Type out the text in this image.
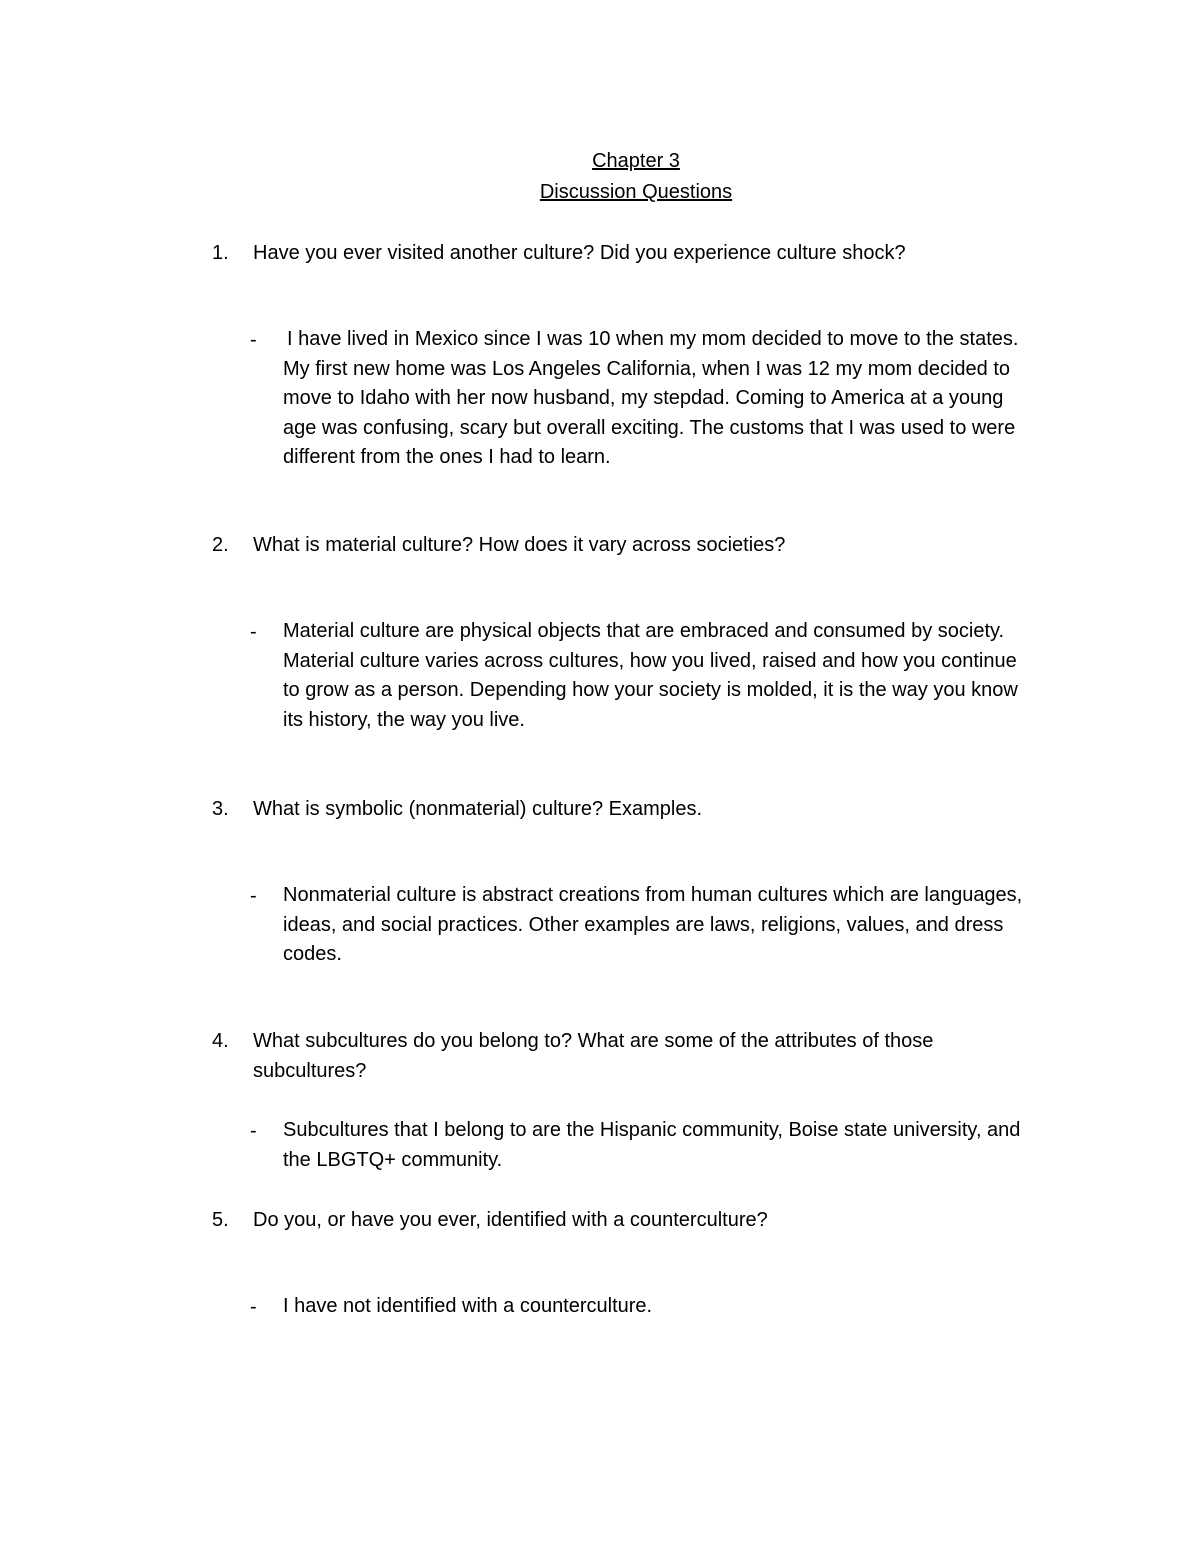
Chapter 3
Discussion Questions
1. Have you ever visited another culture? Did you experience culture shock?
- I have lived in Mexico since I was 10 when my mom decided to move to the states. My first new home was Los Angeles California, when I was 12 my mom decided to move to Idaho with her now husband, my stepdad. Coming to America at a young age was confusing, scary but overall exciting. The customs that I was used to were different from the ones I had to learn.
2. What is material culture? How does it vary across societies?
- Material culture are physical objects that are embraced and consumed by society. Material culture varies across cultures, how you lived, raised and how you continue to grow as a person. Depending how your society is molded, it is the way you know its history, the way you live.
3. What is symbolic (nonmaterial) culture? Examples.
- Nonmaterial culture is abstract creations from human cultures which are languages, ideas, and social practices. Other examples are laws, religions, values, and dress codes.
4. What subcultures do you belong to? What are some of the attributes of those subcultures?
- Subcultures that I belong to are the Hispanic community, Boise state university, and the LBGTQ+ community.
5. Do you, or have you ever, identified with a counterculture?
- I have not identified with a counterculture.
